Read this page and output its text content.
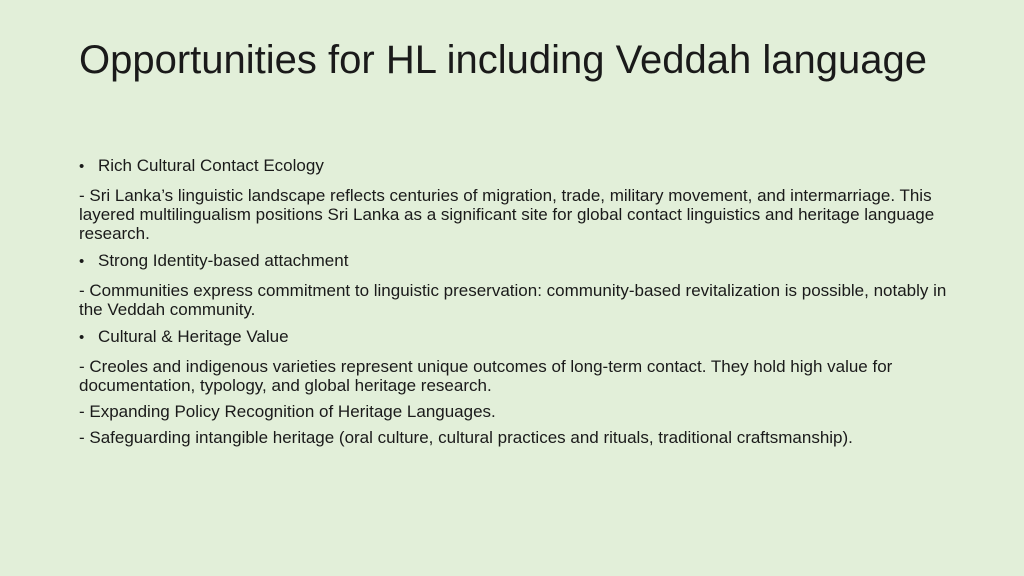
Opportunities for HL including Veddah language
• Rich Cultural Contact Ecology

- Sri Lanka’s linguistic landscape reflects centuries of migration, trade, military movement, and intermarriage. This layered multilingualism positions Sri Lanka as a significant site for global contact linguistics and heritage language research.

• Strong Identity-based attachment

- Communities express commitment to linguistic preservation: community-based revitalization is possible, notably in the Veddah community.

• Cultural & Heritage Value

- Creoles and indigenous varieties represent unique outcomes of long-term contact. They hold high value for documentation, typology, and global heritage research.

- Expanding Policy Recognition of Heritage Languages.

- Safeguarding intangible heritage (oral culture, cultural practices and rituals, traditional craftsmanship).
